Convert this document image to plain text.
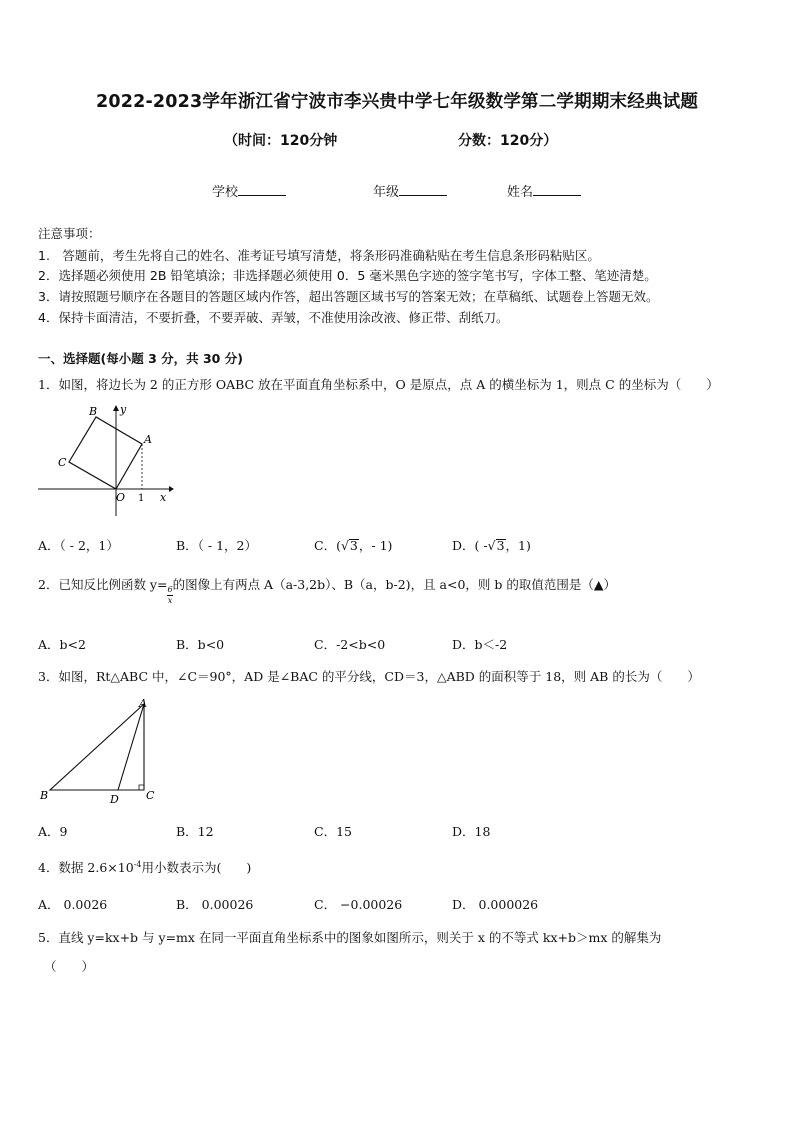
2022-2023学年浙江省宁波市李兴贵中学七年级数学第二学期期末经典试题
（时间：120分钟	分数：120分）
学校	年级	姓名
注意事项：
1.　答题前，考生先将自己的姓名、准考证号填写清楚，将条形码准确粘贴在考生信息条形码粘贴区。
2．选择题必须使用 2B 铅笔填涂；非选择题必须使用 0．5 毫米黑色字迹的签字笔书写，字体工整、笔迹清楚。
3．请按照题号顺序在各题目的答题区域内作答，超出答题区域书写的答案无效；在草稿纸、试题卷上答题无效。
4．保持卡面清洁，不要折叠，不要弄破、弄皱，不准使用涂改液、修正带、刮纸刀。
一、选择题(每小题 3 分，共 30 分)
1．如图，将边长为 2 的正方形 OABC 放在平面直角坐标系中，O 是原点，点 A 的横坐标为 1，则点 C 的坐标为（　　）
B y
A
C
O 1 x
A．（ - 2，1）	B．（ - 1，2）	C．(√3，- 1)	D．( -√3，1)
2．已知反比例函数 y=
$\frac{6}{x}$
的图像上有两点 A（a-3,2b）、B（a，b-2)，且 a<0，则 b 的取值范围是（▲）
A．b<2	B．b<0	C．-2<b<0	D．b＜-2
3．如图，Rt△ABC 中，∠C＝90°，AD 是∠BAC 的平分线，CD＝3，△ABD 的面积等于 18，则 AB 的长为（　　）
A
B	D C
A．9	B．12	C．15	D．18
4．数据 $2.6\times 10^{-4}$用小数表示为(　　)
A． 0.0026	B． 0.00026	C． −0.00026	D． 0.000026
5．直线 y=kx+b 与 y=mx 在同一平面直角坐标系中的图象如图所示，则关于 x 的不等式 kx+b＞mx 的解集为
（　　）
